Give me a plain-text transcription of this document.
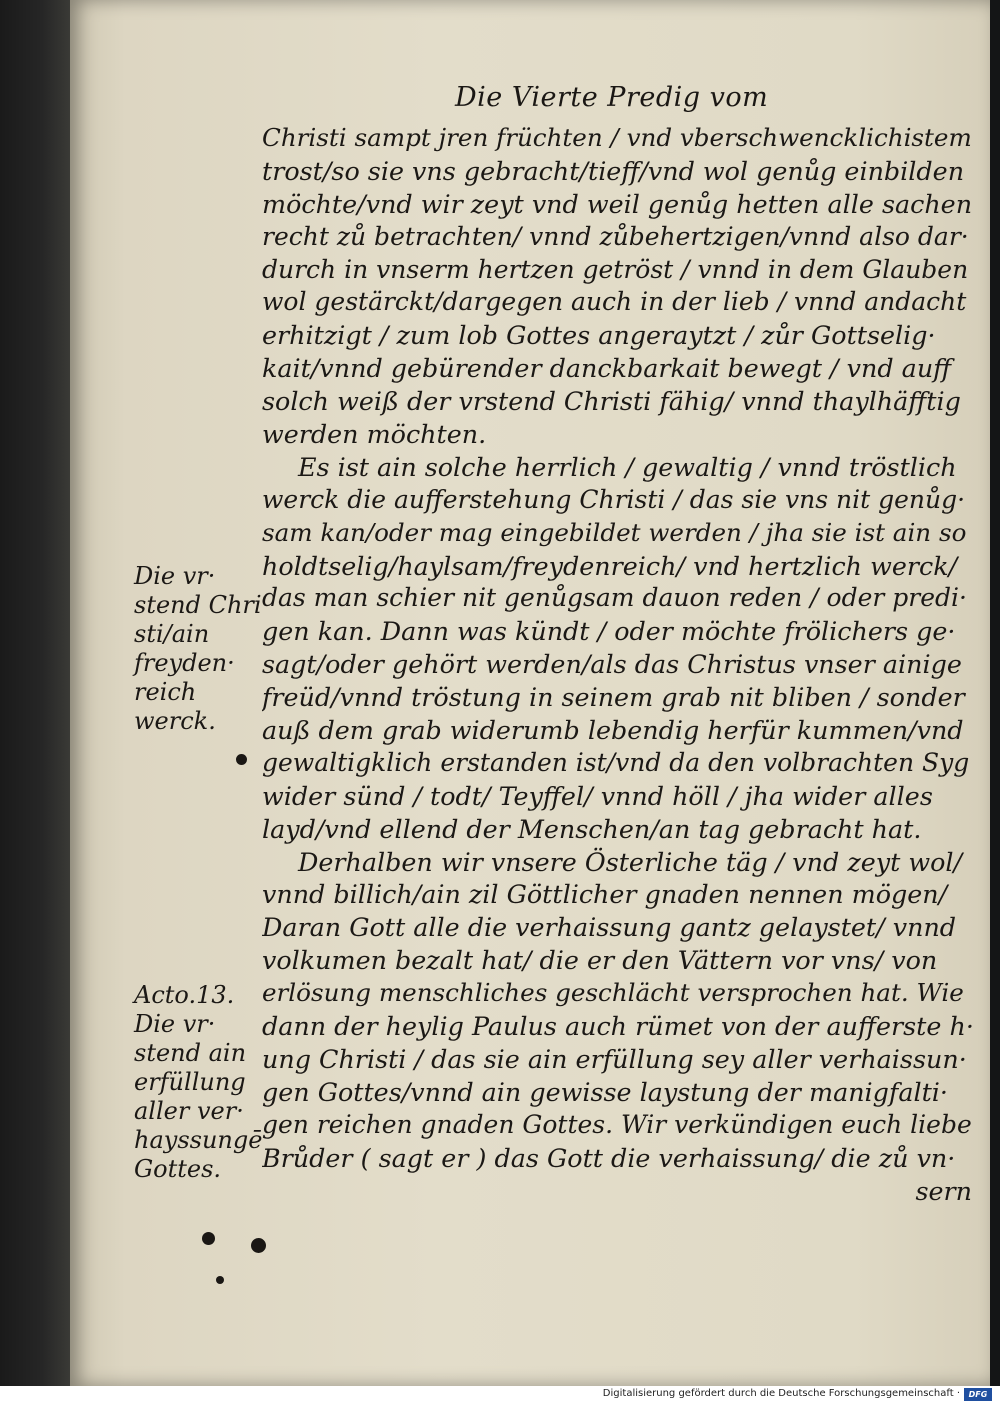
Die Vierte Predig vom
Christi sampt jren früchten / vnd vberschwencklichistem
trost/so sie vns gebracht/tieff/vnd wol genůg einbilden
möchte/vnd wir zeyt vnd weil genůg hetten alle sachen
recht zů betrachten/ vnnd zůbehertzigen/vnnd also dar·
durch in vnserm hertzen getröst / vnnd in dem Glauben
wol gestärckt/dargegen auch in der lieb / vnnd andacht
erhitzigt / zum lob Gottes angeraytzt / zůr Gottselig·
kait/vnnd gebürender danckbarkait bewegt / vnd auff
solch weiß der vrstend Christi fähig/ vnnd thaylhäfftig
werden möchten.
Es ist ain solche herrlich / gewaltig / vnnd tröstlich
werck die aufferstehung Christi / das sie vns nit genůg·
sam kan/oder mag eingebildet werden / jha sie ist ain so
holdtselig/haylsam/freydenreich/ vnd hertzlich werck/
das man schier nit genůgsam dauon reden / oder predi·
gen kan. Dann was kündt / oder möchte frölichers ge·
sagt/oder gehört werden/als das Christus vnser ainige
freüd/vnnd tröstung in seinem grab nit bliben / sonder
auß dem grab widerumb lebendig herfür kummen/vnd
gewaltigklich erstanden ist/vnd da den volbrachten Syg
wider sünd / todt/ Teyffel/ vnnd höll / jha wider alles
layd/vnd ellend der Menschen/an tag gebracht hat.
Derhalben wir vnsere Österliche täg / vnd zeyt wol/
vnnd billich/ain zil Göttlicher gnaden nennen mögen/
Daran Gott alle die verhaissung gantz gelaystet/ vnnd
volkumen bezalt hat/ die er den Vättern vor vns/ von
erlösung menschliches geschlächt versprochen hat. Wie
dann der heylig Paulus auch rümet von der aufferste h·
ung Christi / das sie ain erfüllung sey aller verhaissun·
gen Gottes/vnnd ain gewisse laystung der manigfalti·
gen reichen gnaden Gottes. Wir verkündigen euch liebe
Brůder ( sagt er ) das Gott die verhaissung/ die zů vn·
sern
Die vr·
stend Chri
sti/ain
freyden·
reich
werck.
Acto.13.
Die vr·
stend ain
erfüllung
aller ver·
hayssungē
Gottes.
Digitalisierung gefördert durch die Deutsche Forschungsgemeinschaft ·	DFG
